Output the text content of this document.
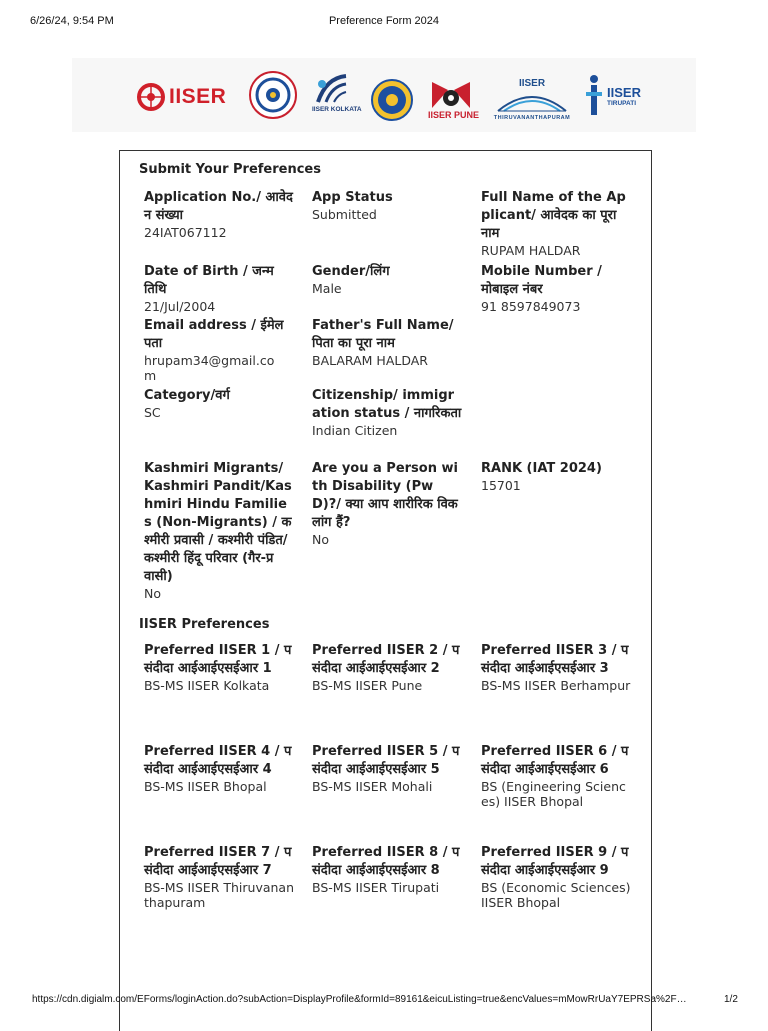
6/26/24, 9:54 PM	Preference Form 2024
IISER
IISER KOLKATA
IISER PUNE
IISER
THIRUVANANTHAPURAM
IISER
TIRUPATI
Submit Your Preferences
Application No./ आवेदन संख्या
24IAT067112
App Status
Submitted
Full Name of the Applicant/ आवेदक का पूरा नाम
RUPAM HALDAR
Date of Birth / जन्म तिथि
21/Jul/2004
Gender/लिंग
Male
Mobile Number / मोबाइल नंबर
91 8597849073
Email address / ईमेल पता
hrupam34@gmail.com
Father's Full Name/ पिता का पूरा नाम
BALARAM HALDAR
Category/वर्ग
SC
Citizenship/ immigration status / नागरिकता
Indian Citizen
Kashmiri Migrants/ Kashmiri Pandit/Kashmiri Hindu Families (Non-Migrants) / कश्मीरी प्रवासी / कश्मीरी पंडित/कश्मीरी हिंदू परिवार (गैर-प्रवासी)
No
Are you a Person with Disability (PwD)?/ क्या आप शारीरिक विकलांग हैं?
No
RANK (IAT 2024)
15701
IISER Preferences
Preferred IISER 1 / पसंदीदा आईआईएसईआर 1
BS-MS IISER Kolkata
Preferred IISER 2 / पसंदीदा आईआईएसईआर 2
BS-MS IISER Pune
Preferred IISER 3 / पसंदीदा आईआईएसईआर 3
BS-MS IISER Berhampur
Preferred IISER 4 / पसंदीदा आईआईएसईआर 4
BS-MS IISER Bhopal
Preferred IISER 5 / पसंदीदा आईआईएसईआर 5
BS-MS IISER Mohali
Preferred IISER 6 / पसंदीदा आईआईएसईआर 6
BS (Engineering Sciences) IISER Bhopal
Preferred IISER 7 / पसंदीदा आईआईएसईआर 7
BS-MS IISER Thiruvananthapuram
Preferred IISER 8 / पसंदीदा आईआईएसईआर 8
BS-MS IISER Tirupati
Preferred IISER 9 / पसंदीदा आईआईएसईआर 9
BS (Economic Sciences) IISER Bhopal
https://cdn.digialm.com/EForms/loginAction.do?subAction=DisplayProfile&formId=89161&eicuListing=true&encValues=mMowRrUaY7EPRSa%2F…	1/2
